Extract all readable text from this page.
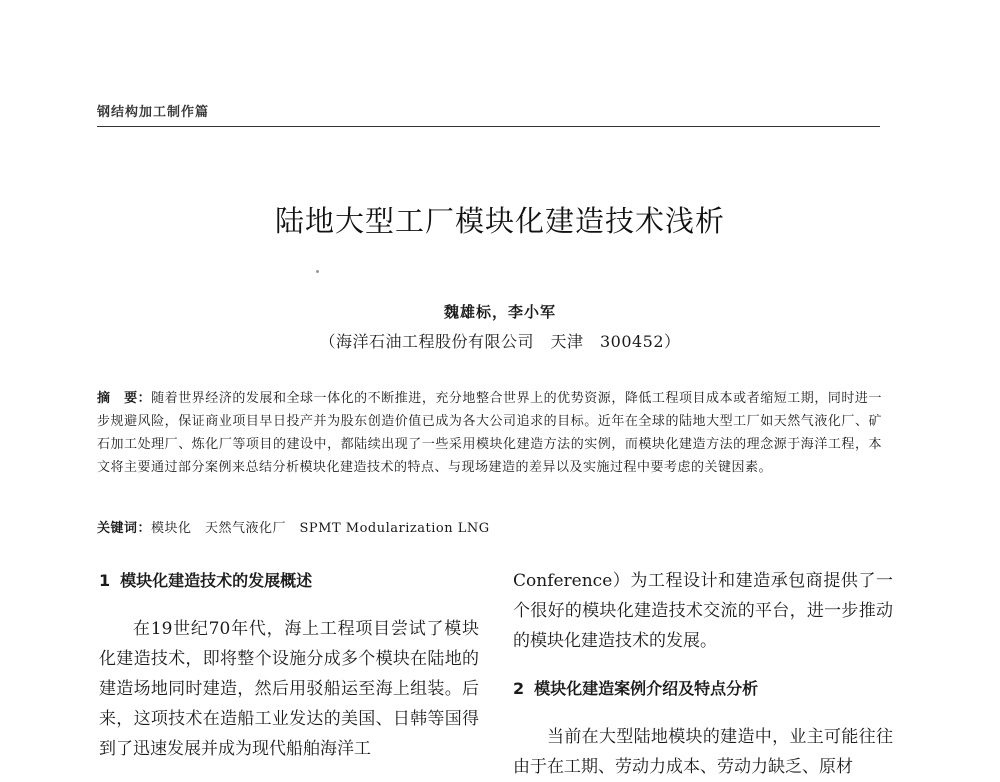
钢结构加工制作篇
陆地大型工厂模块化建造技术浅析
魏雄标，李小军
（海洋石油工程股份有限公司　天津　300452）
摘　要：随着世界经济的发展和全球一体化的不断推进，充分地整合世界上的优势资源，降低工程项目成本或者缩短工期，同时进一步规避风险，保证商业项目早日投产并为股东创造价值已成为各大公司追求的目标。近年在全球的陆地大型工厂如天然气液化厂、矿石加工处理厂、炼化厂等项目的建设中，都陆续出现了一些采用模块化建造方法的实例，而模块化建造方法的理念源于海洋工程，本文将主要通过部分案例来总结分析模块化建造技术的特点、与现场建造的差异以及实施过程中要考虑的关键因素。
关键词：模块化　天然气液化厂　SPMT Modularization LNG
1 模块化建造技术的发展概述

在19世纪70年代，海上工程项目尝试了模块化建造技术，即将整个设施分成多个模块在陆地的建造场地同时建造，然后用驳船运至海上组装。后来，这项技术在造船工业发达的美国、日韩等国得到了迅速发展并成为现代船舶海洋工

Conference）为工程设计和建造承包商提供了一个很好的模块化建造技术交流的平台，进一步推动的模块化建造技术的发展。

2 模块化建造案例介绍及特点分析

当前在大型陆地模块的建造中，业主可能往往由于在工期、劳动力成本、劳动力缺乏、原材
